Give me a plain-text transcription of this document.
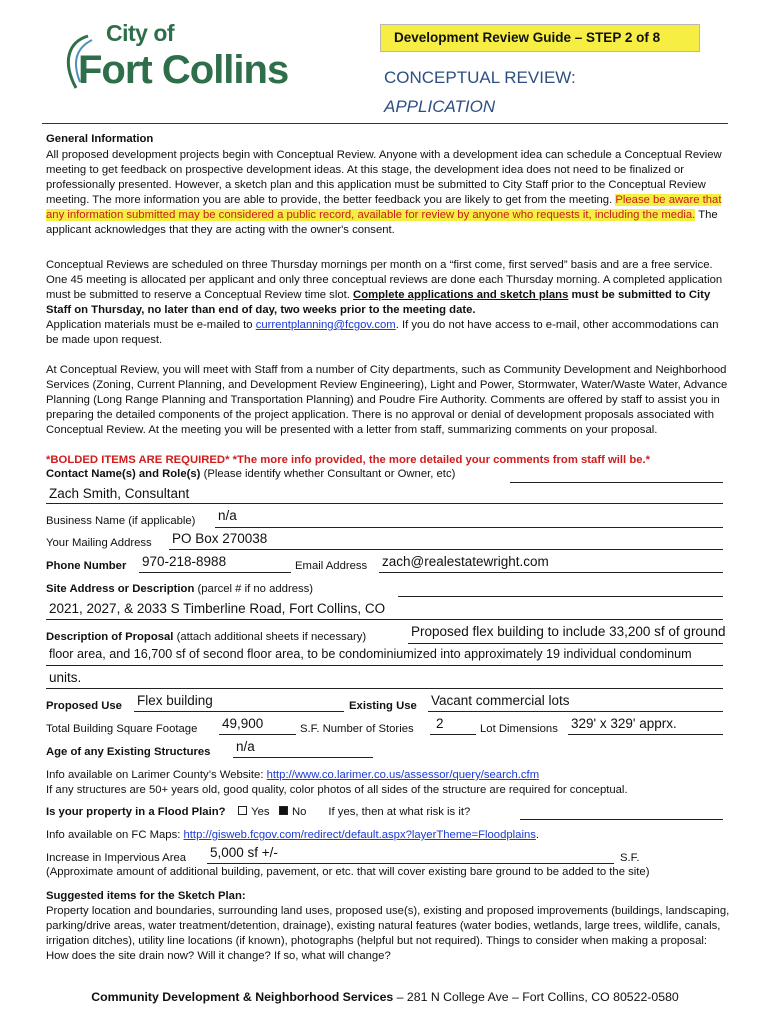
City of
Fort Collins
Development Review Guide – STEP 2 of 8
CONCEPTUAL REVIEW:
APPLICATION
General Information

All proposed development projects begin with Conceptual Review. Anyone with a development idea can schedule a Conceptual Review meeting to get feedback on prospective development ideas. At this stage, the development idea does not need to be finalized or professionally presented. However, a sketch plan and this application must be submitted to City Staff prior to the Conceptual Review meeting. The more information you are able to provide, the better feedback you are likely to get from the meeting. Please be aware that any information submitted may be considered a public record, available for review by anyone who requests it, including the media. The applicant acknowledges that they are acting with the owner's consent.

Conceptual Reviews are scheduled on three Thursday mornings per month on a “first come, first served” basis and are a free service. One 45 meeting is allocated per applicant and only three conceptual reviews are done each Thursday morning. A completed application must be submitted to reserve a Conceptual Review time slot. Complete applications and sketch plans must be submitted to City Staff on Thursday, no later than end of day, two weeks prior to the meeting date.
Application materials must be e-mailed to currentplanning@fcgov.com. If you do not have access to e-mail, other accommodations can be made upon request.

At Conceptual Review, you will meet with Staff from a number of City departments, such as Community Development and Neighborhood Services (Zoning, Current Planning, and Development Review Engineering), Light and Power, Stormwater, Water/Waste Water, Advance Planning (Long Range Planning and Transportation Planning) and Poudre Fire Authority. Comments are offered by staff to assist you in preparing the detailed components of the project application. There is no approval or denial of development proposals associated with Conceptual Review. At the meeting you will be presented with a letter from staff, summarizing comments on your proposal.

*BOLDED ITEMS ARE REQUIRED* *The more info provided, the more detailed your comments from staff will be.*
Contact Name(s) and Role(s) (Please identify whether Consultant or Owner, etc)
Zach Smith, Consultant
Business Name (if applicable) n/a
Your Mailing Address PO Box 270038
Phone Number 970-218-8988	Email Address zach@realestatewright.com
Site Address or Description (parcel # if no address)
2021, 2027, & 2033 S Timberline Road, Fort Collins, CO
Description of Proposal (attach additional sheets if necessary)	Proposed flex building to include 33,200 sf of ground
floor area, and 16,700 sf of second floor area, to be condominiumized into approximately 19 individual condominum
units.
Proposed Use Flex building	Existing Use Vacant commercial lots
Total Building Square Footage 49,900	S.F. Number of Stories 2	Lot Dimensions 329' x 329' apprx.
Age of any Existing Structures n/a
Info available on Larimer County’s Website: http://www.co.larimer.co.us/assessor/query/search.cfm
If any structures are 50+ years old, good quality, color photos of all sides of the structure are required for conceptual.
Is your property in a Flood Plain? Yes No If yes, then at what risk is it?
Info available on FC Maps: http://gisweb.fcgov.com/redirect/default.aspx?layerTheme=Floodplains.
Increase in Impervious Area 5,000 sf +/-	S.F.
(Approximate amount of additional building, pavement, or etc. that will cover existing bare ground to be added to the site)
Suggested items for the Sketch Plan:

Property location and boundaries, surrounding land uses, proposed use(s), existing and proposed improvements (buildings, landscaping, parking/drive areas, water treatment/detention, drainage), existing natural features (water bodies, wetlands, large trees, wildlife, canals, irrigation ditches), utility line locations (if known), photographs (helpful but not required). Things to consider when making a proposal: How does the site drain now? Will it change? If so, what will change?

Community Development & Neighborhood Services – 281 N College Ave – Fort Collins, CO 80522-0580
